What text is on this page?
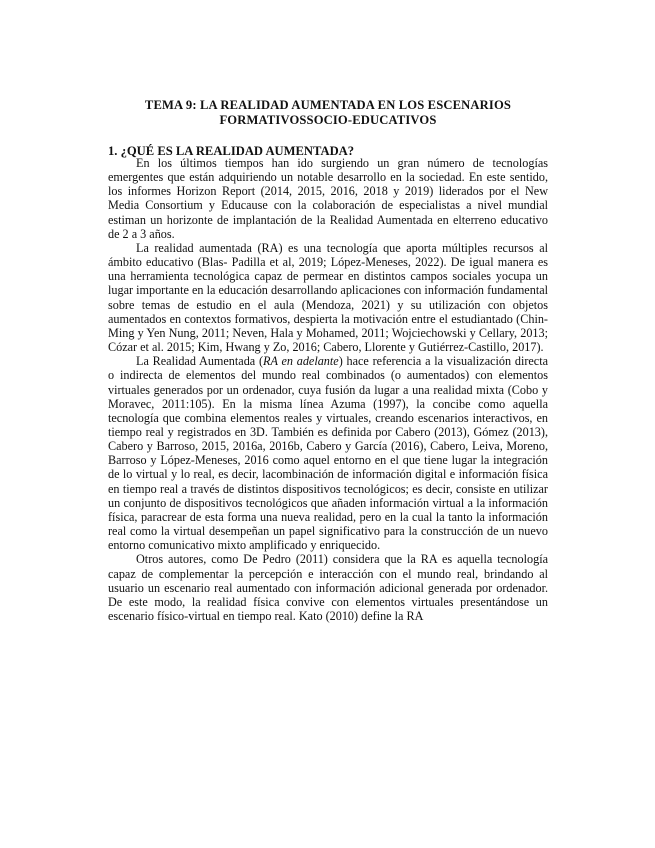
TEMA 9: LA REALIDAD AUMENTADA EN LOS ESCENARIOS
FORMATIVOSSOCIO-EDUCATIVOS
1. ¿QUÉ ES LA REALIDAD AUMENTADA?

En los últimos tiempos han ido surgiendo un gran número de tecnologías emergentes que están adquiriendo un notable desarrollo en la sociedad. En este sentido, los informes Horizon Report (2014, 2015, 2016, 2018 y 2019) liderados por el New Media Consortium y Educause con la colaboración de especialistas a nivel mundial estiman un horizonte de implantación de la Realidad Aumentada en elterreno educativo de 2 a 3 años.

La realidad aumentada (RA) es una tecnología que aporta múltiples recursos al ámbito educativo (Blas- Padilla et al, 2019; López-Meneses, 2022). De igual manera es una herramienta tecnológica capaz de permear en distintos campos sociales yocupa un lugar importante en la educación desarrollando aplicaciones con información fundamental sobre temas de estudio en el aula (Mendoza, 2021) y su utilización con objetos aumentados en contextos formativos, despierta la motivación entre el estudiantado (Chin-Ming y Yen Nung, 2011; Neven, Hala y Mohamed, 2011; Wojciechowski y Cellary, 2013; Cózar et al. 2015; Kim, Hwang y Zo, 2016; Cabero, Llorente y Gutiérrez-Castillo, 2017).

La Realidad Aumentada (RA en adelante) hace referencia a la visualización directa o indirecta de elementos del mundo real combinados (o aumentados) con elementos virtuales generados por un ordenador, cuya fusión da lugar a una realidad mixta (Cobo y Moravec, 2011:105). En la misma línea Azuma (1997), la concibe como aquella tecnología que combina elementos reales y virtuales, creando escenarios interactivos, en tiempo real y registrados en 3D. También es definida por Cabero (2013), Gómez (2013), Cabero y Barroso, 2015, 2016a, 2016b, Cabero y García (2016), Cabero, Leiva, Moreno, Barroso y López-Meneses, 2016 como aquel entorno en el que tiene lugar la integración de lo virtual y lo real, es decir, lacombinación de información digital e información física en tiempo real a través de distintos dispositivos tecnológicos; es decir, consiste en utilizar un conjunto de dispositivos tecnológicos que añaden información virtual a la información física, paracrear de esta forma una nueva realidad, pero en la cual la tanto la información real como la virtual desempeñan un papel significativo para la construcción de un nuevo entorno comunicativo mixto amplificado y enriquecido.

Otros autores, como De Pedro (2011) considera que la RA es aquella tecnología capaz de complementar la percepción e interacción con el mundo real, brindando al usuario un escenario real aumentado con información adicional generada por ordenador. De este modo, la realidad física convive con elementos virtuales presentándose un escenario físico-virtual en tiempo real. Kato (2010) define la RA
